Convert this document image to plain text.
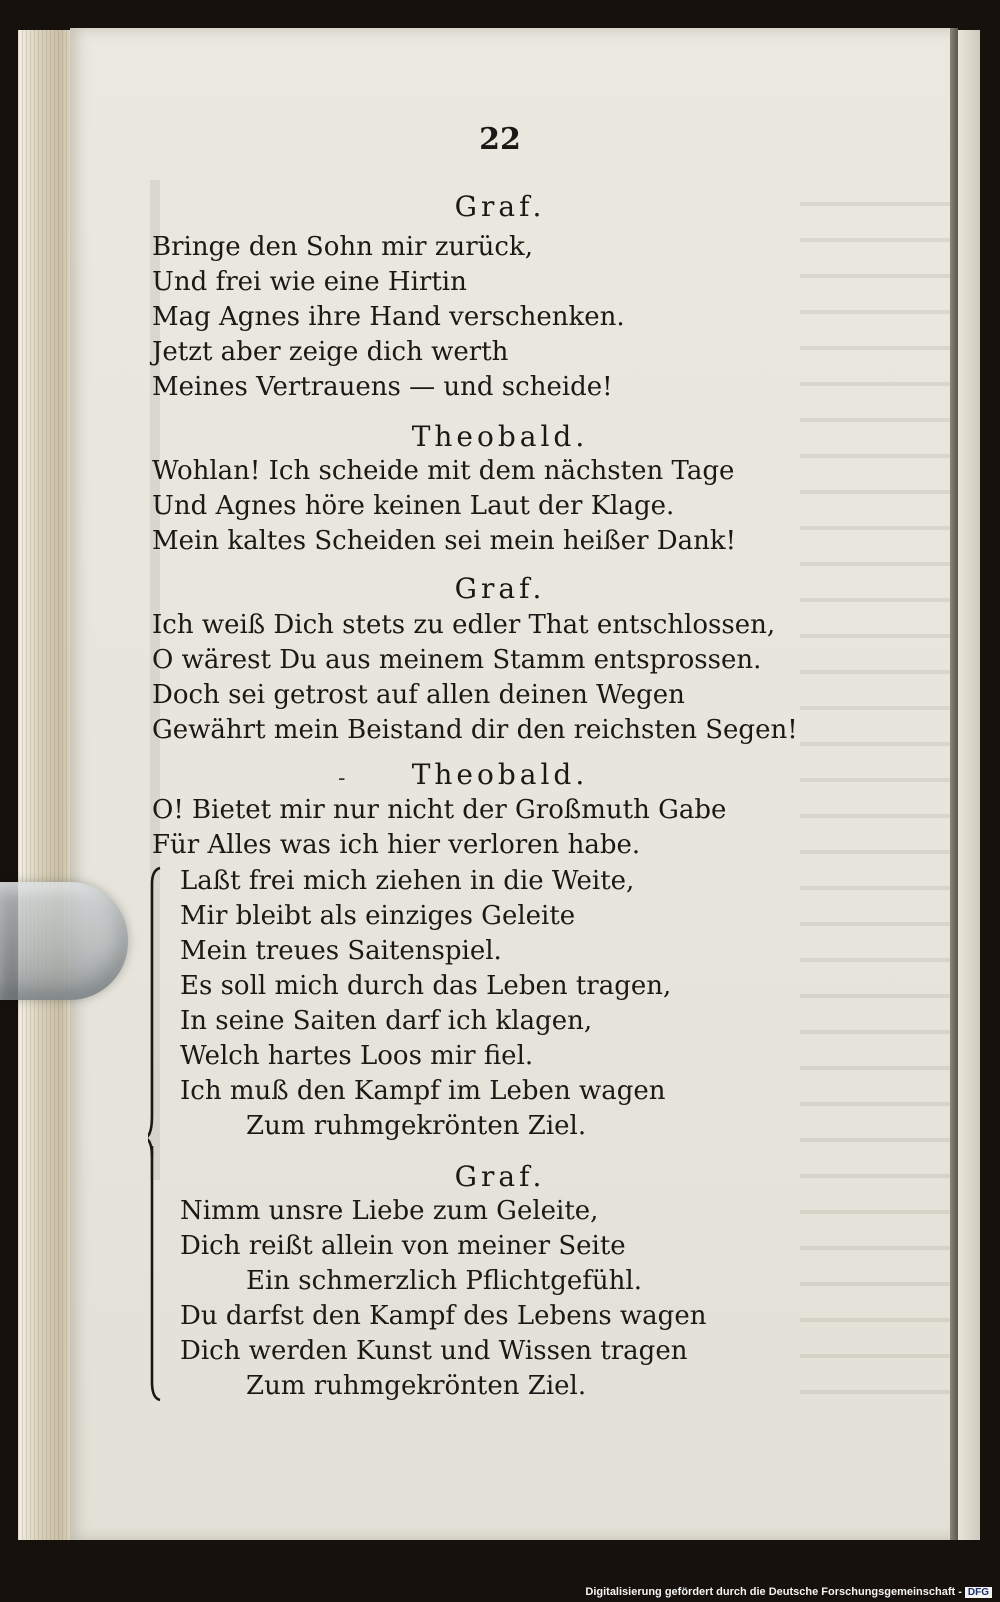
22
Graf.
Bringe den Sohn mir zurück,
Und frei wie eine Hirtin
Mag Agnes ihre Hand verschenken.
Jetzt aber zeige dich werth
Meines Vertrauens — und scheide!
Theobald.
Wohlan! Ich scheide mit dem nächsten Tage
Und Agnes höre keinen Laut der Klage.
Mein kaltes Scheiden sei mein heißer Dank!
Graf.
Ich weiß Dich stets zu edler That entschlossen,
O wärest Du aus meinem Stamm entsprossen.
Doch sei getrost auf allen deinen Wegen
Gewährt mein Beistand dir den reichsten Segen!
-	Theobald.
O! Bietet mir nur nicht der Großmuth Gabe
Für Alles was ich hier verloren habe.
Laßt frei mich ziehen in die Weite,
Mir bleibt als einziges Geleite
Mein treues Saitenspiel.
Es soll mich durch das Leben tragen,
In seine Saiten darf ich klagen,
Welch hartes Loos mir fiel.
Ich muß den Kampf im Leben wagen
Zum ruhmgekrönten Ziel.
Graf.
Nimm unsre Liebe zum Geleite,
Dich reißt allein von meiner Seite
Ein schmerzlich Pflichtgefühl.
Du darfst den Kampf des Lebens wagen
Dich werden Kunst und Wissen tragen
Zum ruhmgekrönten Ziel.
Digitalisierung gefördert durch die Deutsche Forschungsgemeinschaft - DFG
